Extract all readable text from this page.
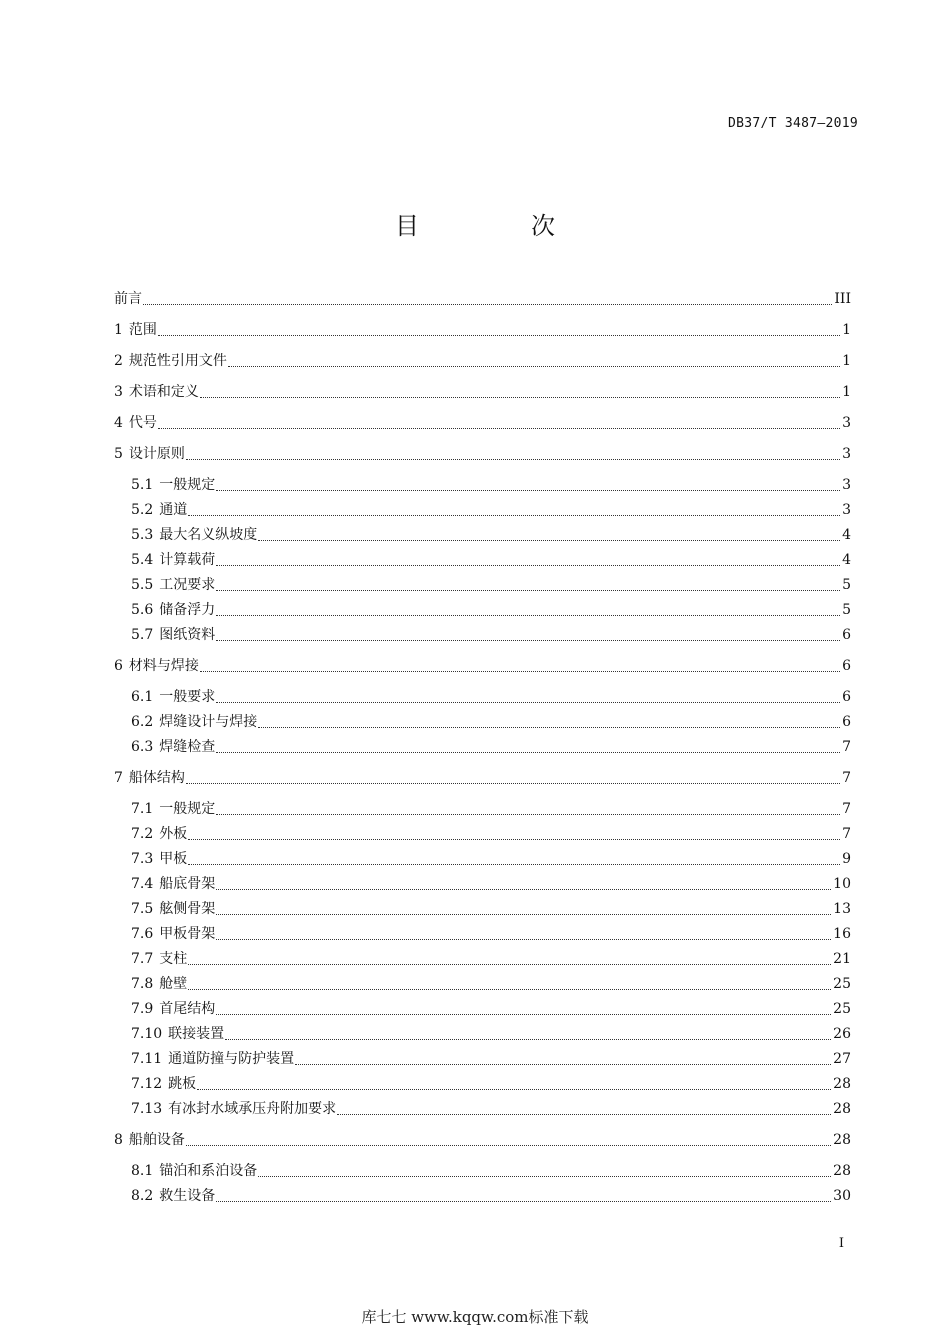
DB37/T 3487—2019
目　次
前言	III
1 范围	1
2 规范性引用文件	1
3 术语和定义	1
4 代号	3
5 设计原则	3
5.1 一般规定	3
5.2 通道	3
5.3 最大名义纵坡度	4
5.4 计算载荷	4
5.5 工况要求	5
5.6 储备浮力	5
5.7 图纸资料	6
6 材料与焊接	6
6.1 一般要求	6
6.2 焊缝设计与焊接	6
6.3 焊缝检查	7
7 船体结构	7
7.1 一般规定	7
7.2 外板	7
7.3 甲板	9
7.4 船底骨架	10
7.5 舷侧骨架	13
7.6 甲板骨架	16
7.7 支柱	21
7.8 舱壁	25
7.9 首尾结构	25
7.10 联接装置	26
7.11 通道防撞与防护装置	27
7.12 跳板	28
7.13 有冰封水域承压舟附加要求	28
8 船舶设备	28
8.1 锚泊和系泊设备	28
8.2 救生设备	30
I
库七七 www.kqqw.com标准下载
